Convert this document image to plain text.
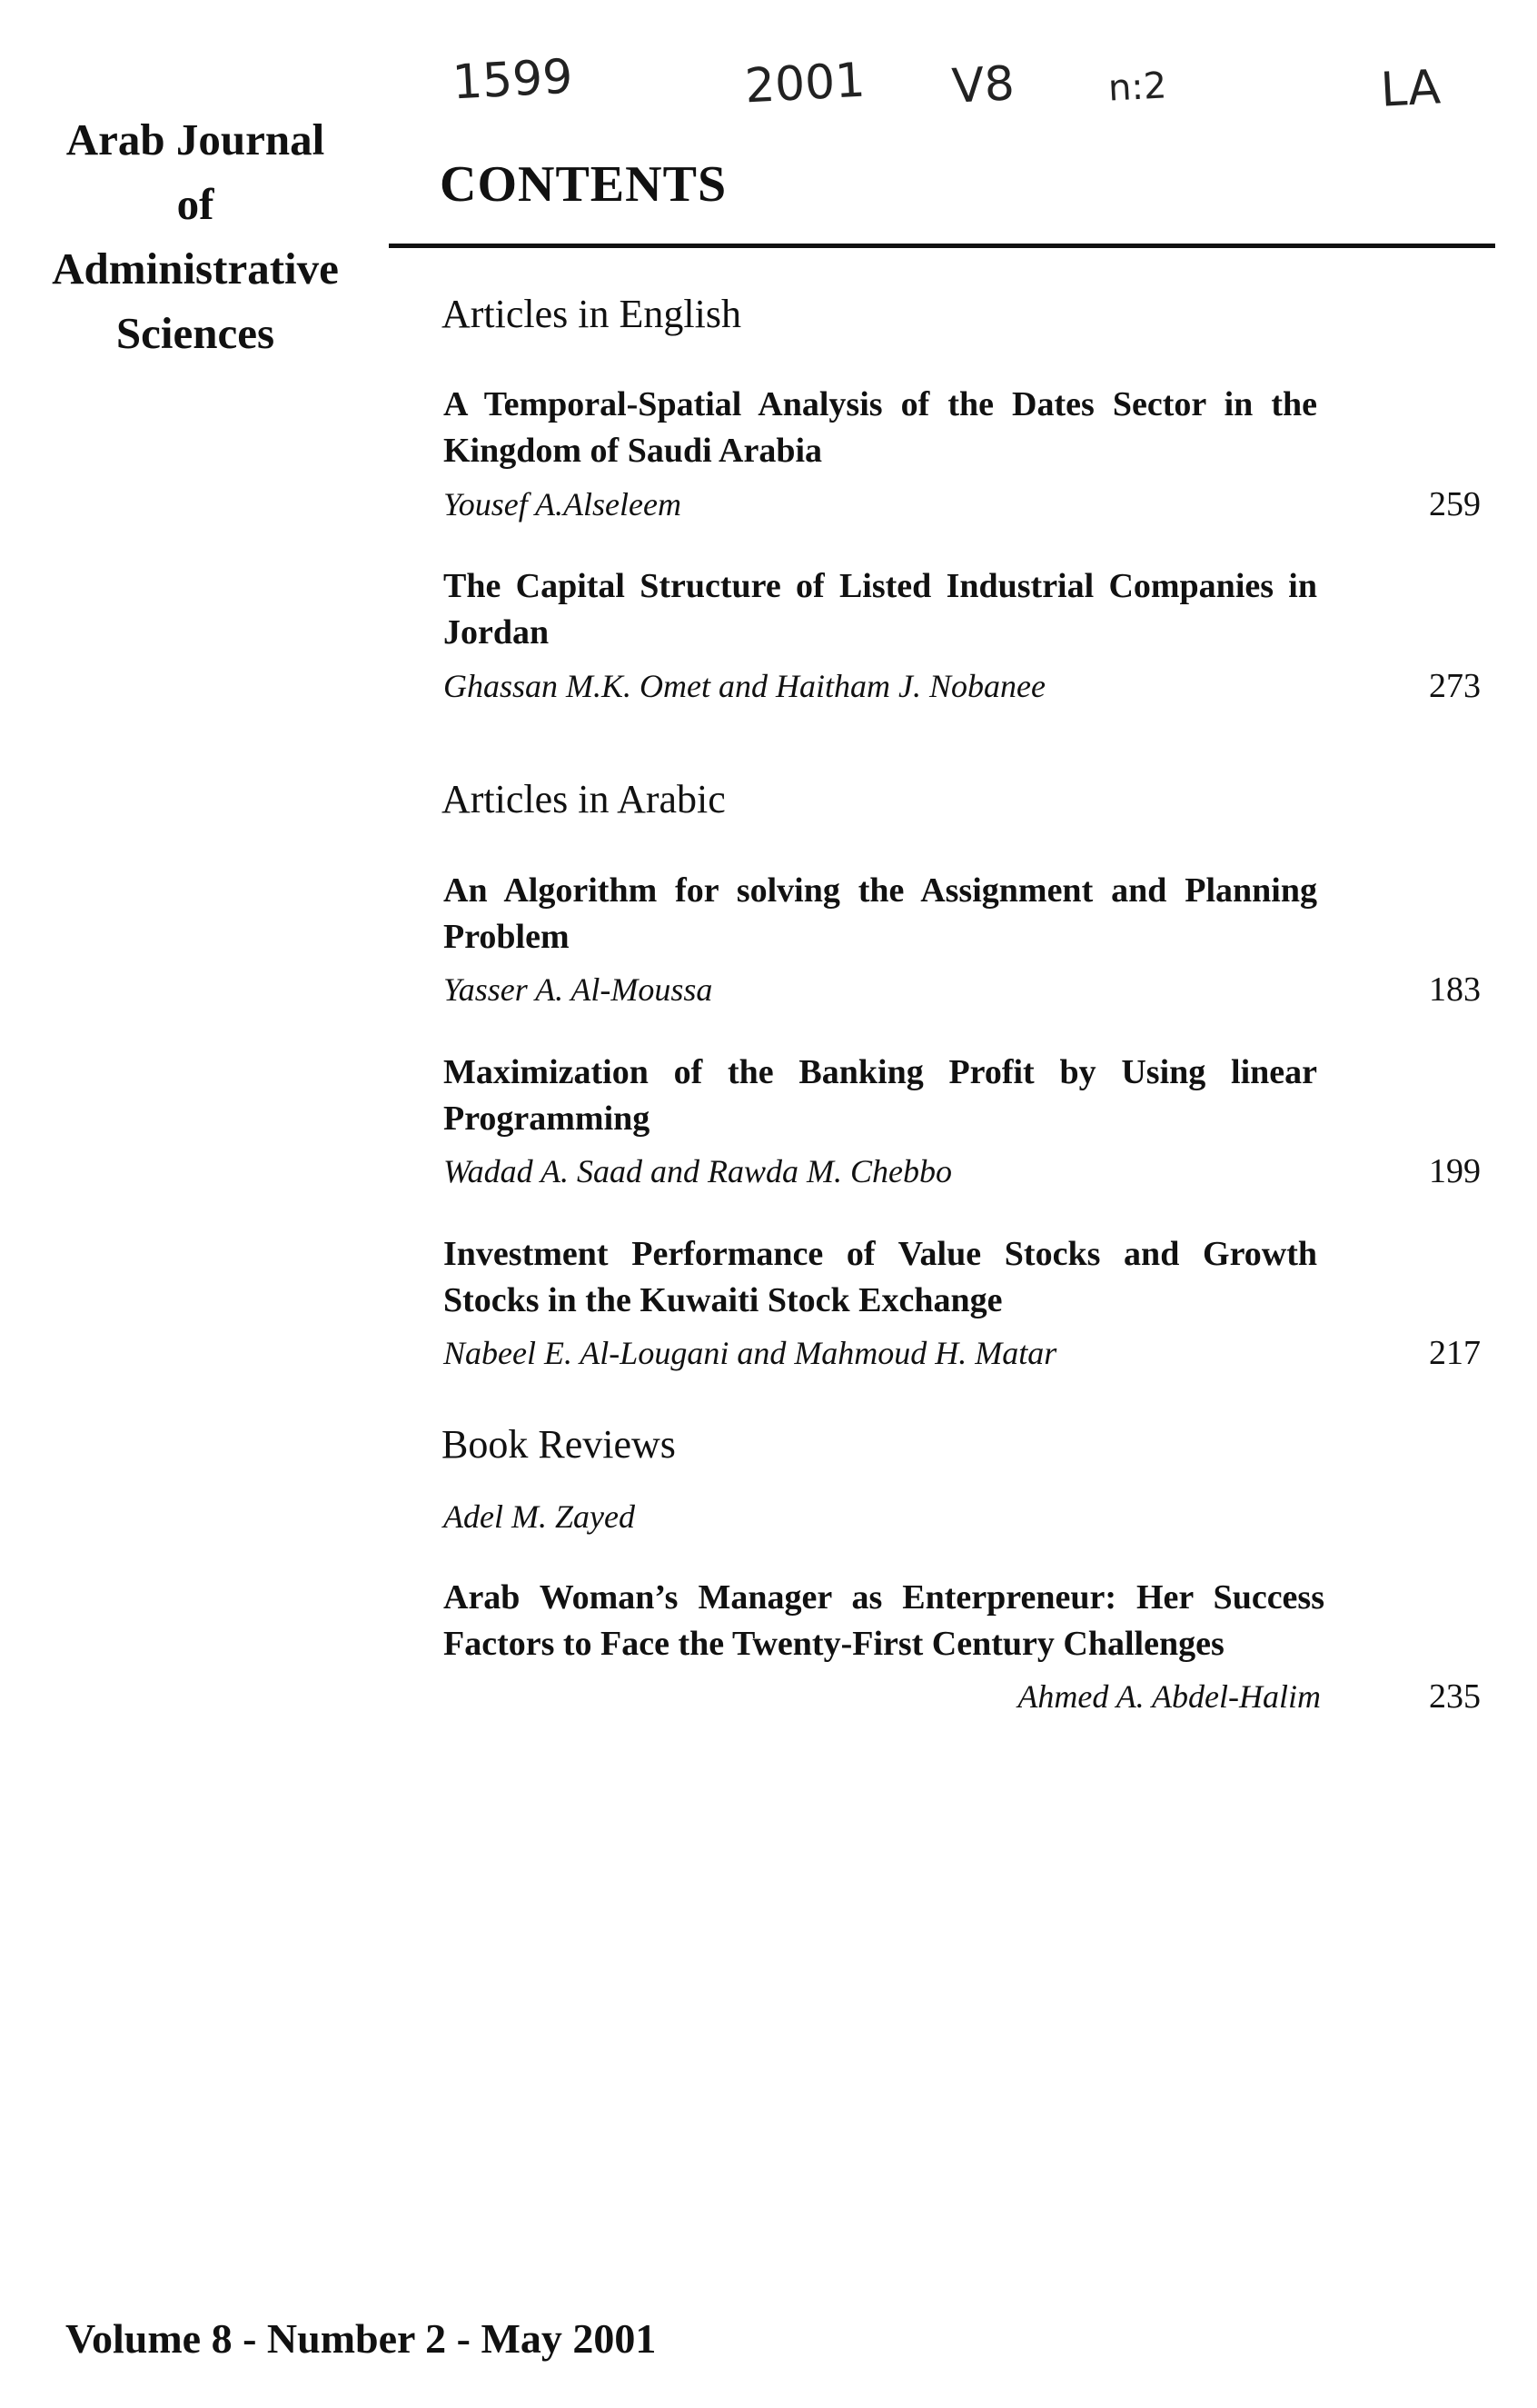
1599	2001 V8	n:2	LA
Arab Journal
of
Administrative
Sciences
CONTENTS
Articles in English
A Temporal-Spatial Analysis of the Dates Sector in the Kingdom of Saudi Arabia
Yousef A.Alseleem	259
The Capital Structure of Listed Industrial Companies in Jordan
Ghassan M.K. Omet and Haitham J. Nobanee	273
Articles in Arabic
An Algorithm for solving the Assignment and Planning Problem
Yasser A. Al-Moussa	183
Maximization of the Banking Profit by Using linear Programming
Wadad A. Saad and Rawda M. Chebbo	199
Investment Performance of Value Stocks and Growth Stocks in the Kuwaiti Stock Exchange
Nabeel E. Al-Lougani and Mahmoud H. Matar	217
Book Reviews
Adel M. Zayed
Arab Woman’s Manager as Enterpreneur: Her Success Factors to Face the Twenty-First Century Challenges
Ahmed A. Abdel-Halim	235
Volume 8 - Number 2 - May 2001
